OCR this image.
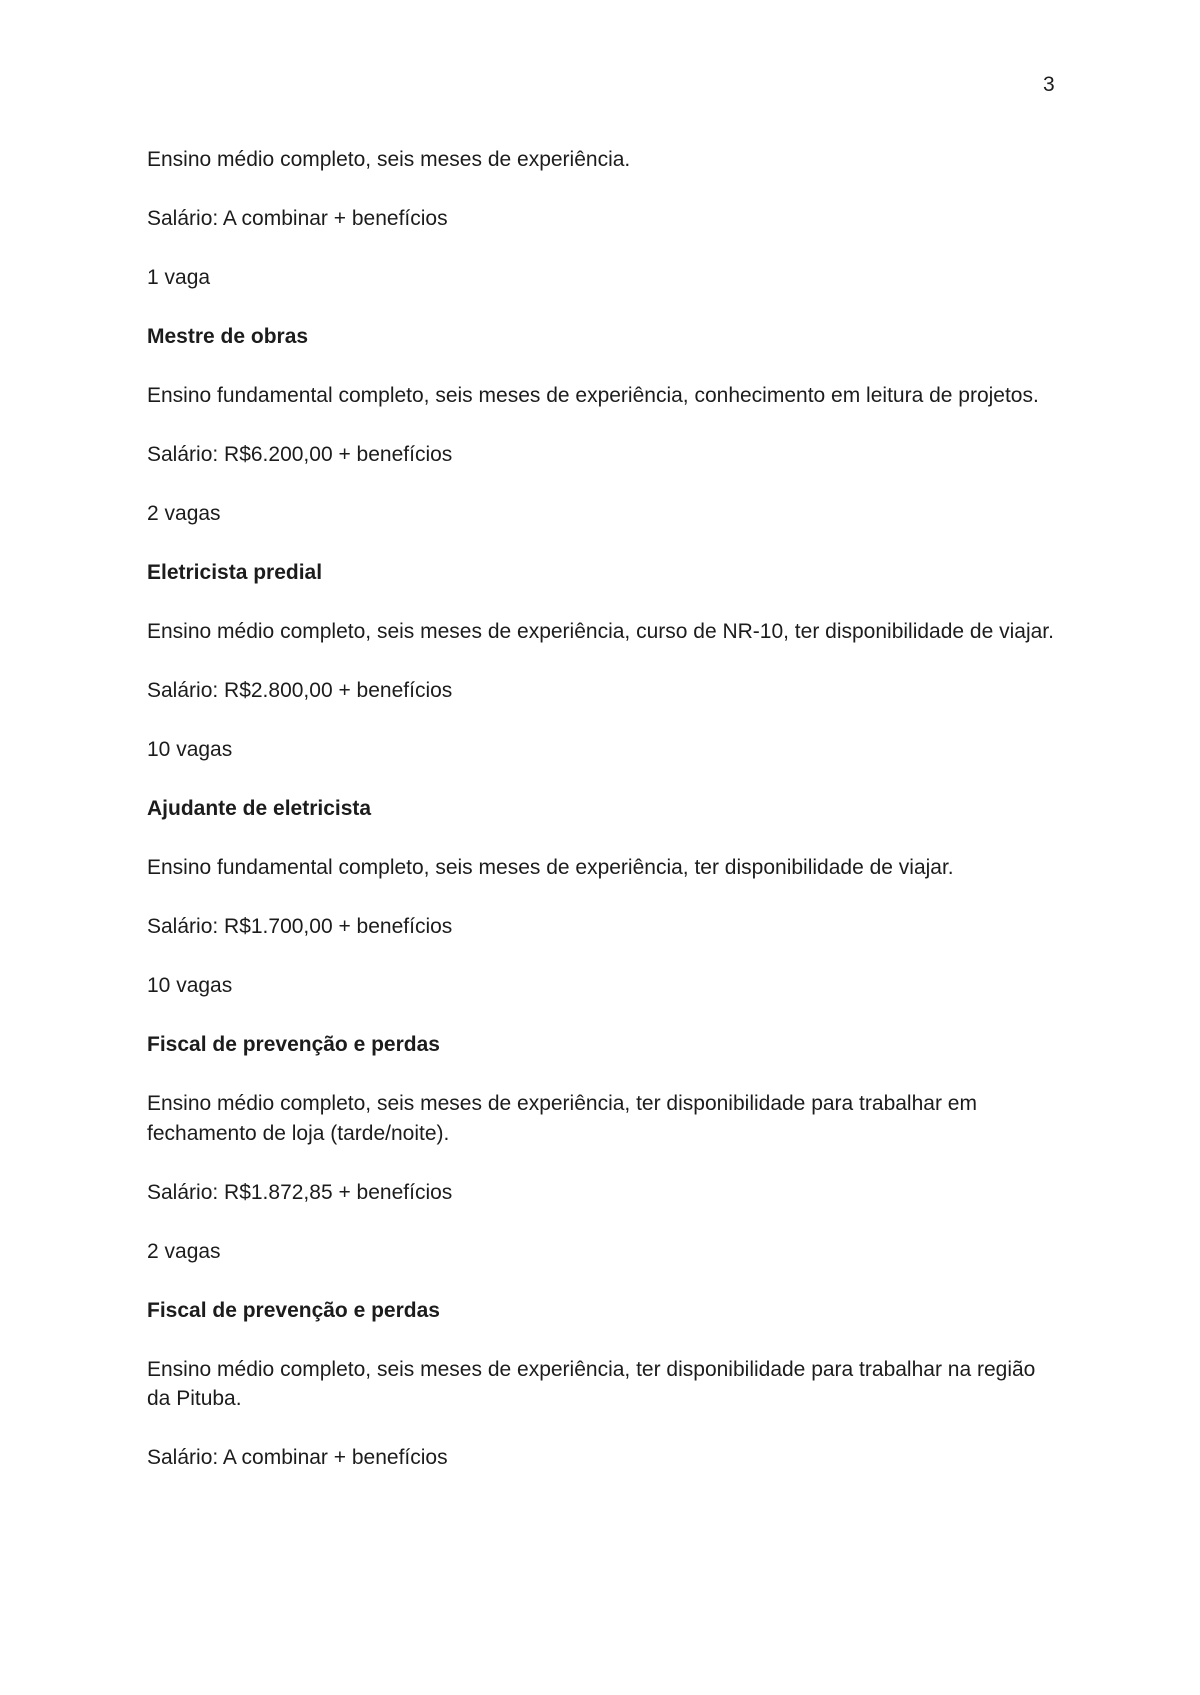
3

Ensino médio completo, seis meses de experiência.

Salário: A combinar + benefícios

1 vaga

Mestre de obras

Ensino fundamental completo, seis meses de experiência, conhecimento em leitura de projetos.

Salário: R$6.200,00 + benefícios

2 vagas

Eletricista predial

Ensino médio completo, seis meses de experiência, curso de NR-10, ter disponibilidade de viajar.

Salário: R$2.800,00 + benefícios

10 vagas

Ajudante de eletricista

Ensino fundamental completo, seis meses de experiência, ter disponibilidade de viajar.

Salário: R$1.700,00 + benefícios

10 vagas

Fiscal de prevenção e perdas

Ensino médio completo, seis meses de experiência, ter disponibilidade para trabalhar em fechamento de loja (tarde/noite).

Salário: R$1.872,85 + benefícios

2 vagas

Fiscal de prevenção e perdas

Ensino médio completo, seis meses de experiência, ter disponibilidade para trabalhar na região da Pituba.

Salário: A combinar + benefícios
